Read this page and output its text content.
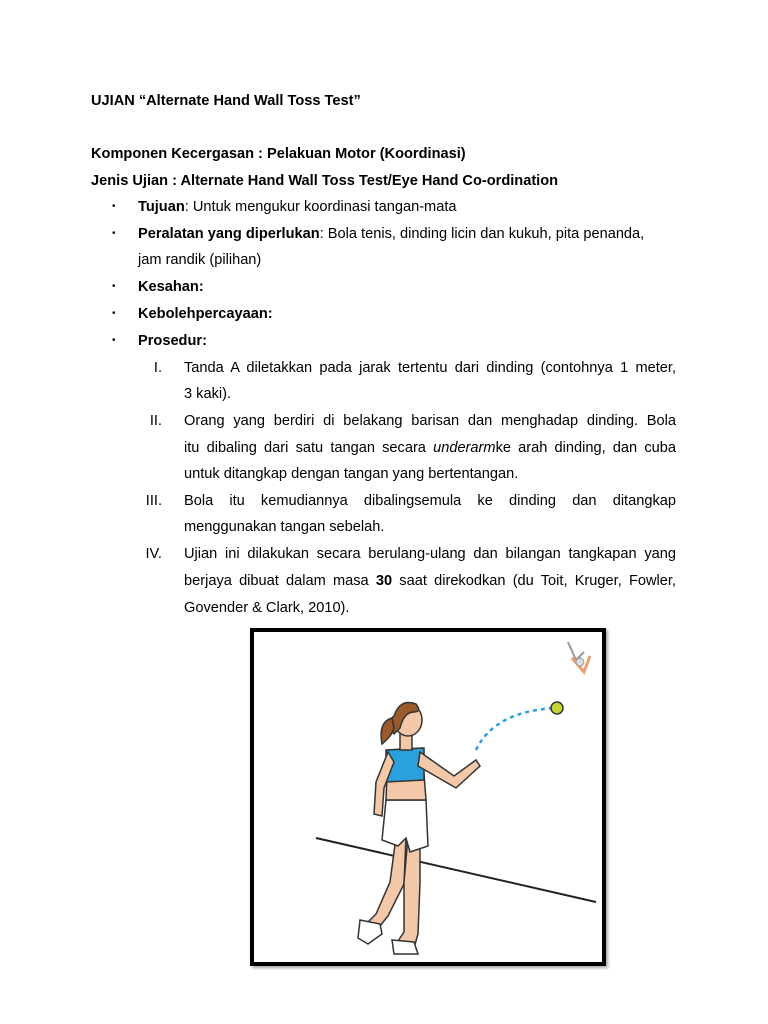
UJIAN “Alternate Hand Wall Toss Test”
Komponen Kecergasan : Pelakuan Motor (Koordinasi)
Jenis Ujian : Alternate Hand Wall Toss Test/Eye Hand Co-ordination
• Tujuan: Untuk mengukur koordinasi tangan-mata
• Peralatan yang diperlukan: Bola tenis, dinding licin dan kukuh, pita penanda,
jam randik (pilihan)
• Kesahan:
• Kebolehpercayaan:
• Prosedur:
I. Tanda A diletakkan pada jarak tertentu dari dinding (contohnya 1 meter,
3 kaki).
II. Orang yang berdiri di belakang barisan dan menghadap dinding. Bola
itu dibaling dari satu tangan secara underarmke arah dinding, dan cuba
untuk ditangkap dengan tangan yang bertentangan.
III. Bola itu kemudiannya dibalingsemula ke dinding dan ditangkap
menggunakan tangan sebelah.
IV. Ujian ini dilakukan secara berulang-ulang dan bilangan tangkapan yang
berjaya dibuat dalam masa 30 saat direkodkan (du Toit, Kruger, Fowler,
Govender & Clark, 2010).
